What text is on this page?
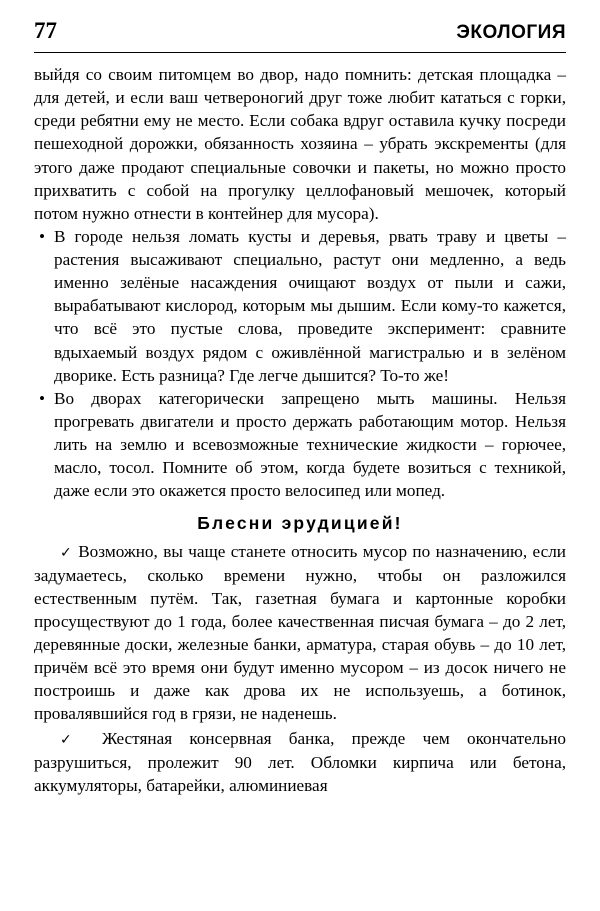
77	ЭКОЛОГИЯ

выйдя со своим питомцем во двор, надо помнить: детская площадка – для детей, и если ваш четвероногий друг тоже любит кататься с горки, среди ребятни ему не место. Если собака вдруг оставила кучку посреди пешеходной дорожки, обязанность хозяина – убрать экскременты (для этого даже продают специальные совочки и пакеты, но можно просто прихватить с собой на прогулку целлофановый мешочек, который потом нужно отнести в контейнер для мусора).

• В городе нельзя ломать кусты и деревья, рвать траву и цветы – растения высаживают специально, растут они медленно, а ведь именно зелёные насаждения очищают воздух от пыли и сажи, вырабатывают кислород, которым мы дышим. Если кому-то кажется, что всё это пустые слова, проведите эксперимент: сравните вдыхаемый воздух рядом с оживлённой магистралью и в зелёном дворике. Есть разница? Где легче дышится? То-то же!
• Во дворах категорически запрещено мыть машины. Нельзя прогревать двигатели и просто держать работающим мотор. Нельзя лить на землю и всевозможные технические жидкости – горючее, масло, тосол. Помните об этом, когда будете возиться с техникой, даже если это окажется просто велосипед или мопед.
Блесни эрудицией!

✓ Возможно, вы чаще станете относить мусор по назначению, если задумаетесь, сколько времени нужно, чтобы он разложился естественным путём. Так, газетная бумага и картонные коробки просуществуют до 1 года, более качественная писчая бумага – до 2 лет, деревянные доски, железные банки, арматура, старая обувь – до 10 лет, причём всё это время они будут именно мусором – из досок ничего не построишь и даже как дрова их не используешь, а ботинок, провалявшийся год в грязи, не наденешь.

✓ Жестяная консервная банка, прежде чем окончательно разрушиться, пролежит 90 лет. Обломки кирпича или бетона, аккумуляторы, батарейки, алюминиевая
